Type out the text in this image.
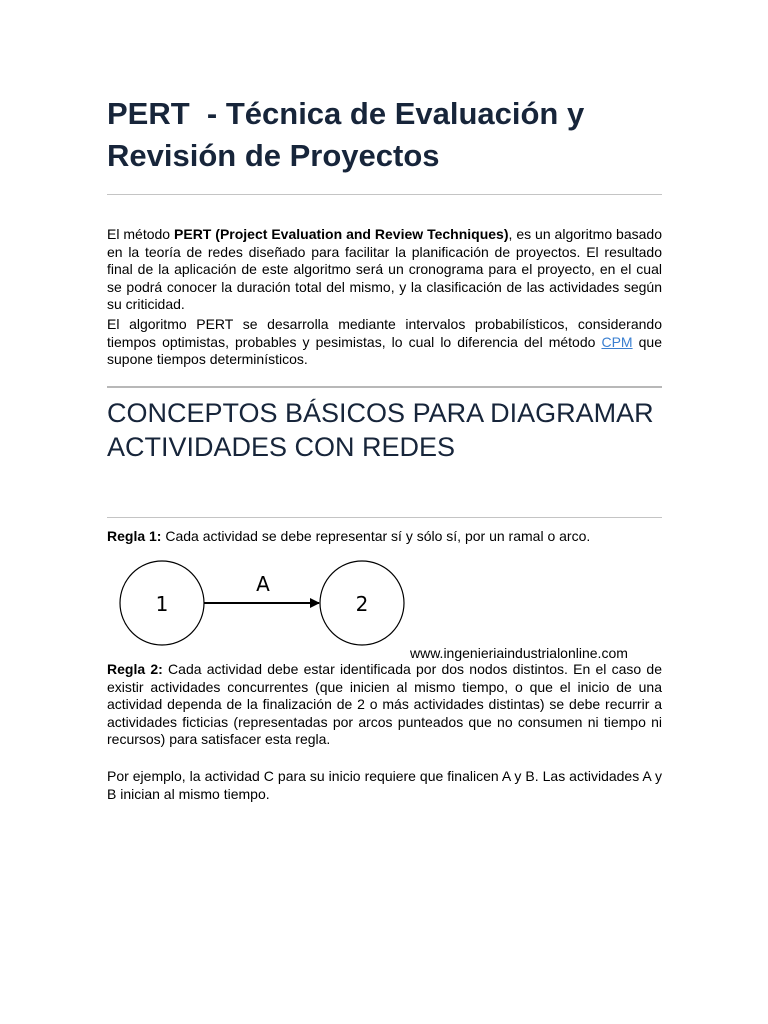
PERT  - Técnica de Evaluación y Revisión de Proyectos

El método PERT (Project Evaluation and Review Techniques), es un algoritmo basado en la teoría de redes diseñado para facilitar la planificación de proyectos. El resultado final de la aplicación de este algoritmo será un cronograma para el proyecto, en el cual se podrá conocer la duración total del mismo, y la clasificación de las actividades según su criticidad.

El algoritmo PERT se desarrolla mediante intervalos probabilísticos, considerando tiempos optimistas, probables y pesimistas, lo cual lo diferencia del método CPM que supone tiempos determinísticos.

CONCEPTOS BÁSICOS PARA DIAGRAMAR ACTIVIDADES CON REDES
Regla 1: Cada actividad se debe representar sí y sólo sí, por un ramal o arco.
1	2
A
www.ingenieriaindustrialonline.com

Regla 2: Cada actividad debe estar identificada por dos nodos distintos. En el caso de existir actividades concurrentes (que inicien al mismo tiempo, o que el inicio de una actividad dependa de la finalización de 2 o más actividades distintas) se debe recurrir a actividades ficticias (representadas por arcos punteados que no consumen ni tiempo ni recursos) para satisfacer esta regla.

Por ejemplo, la actividad C para su inicio requiere que finalicen A y B. Las actividades A y B inician al mismo tiempo.
